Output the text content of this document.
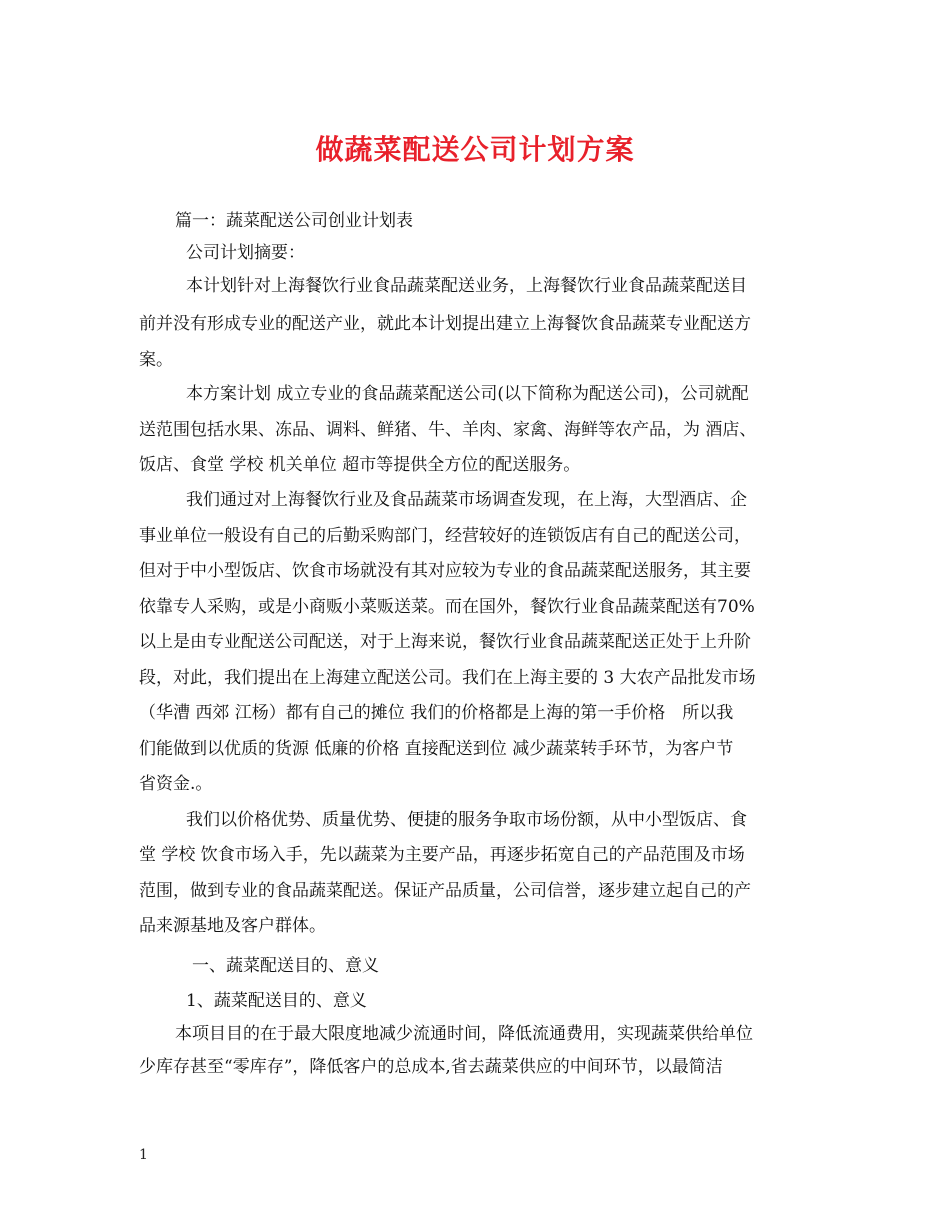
做蔬菜配送公司计划方案
篇一：蔬菜配送公司创业计划表
公司计划摘要：
本计划针对上海餐饮行业食品蔬菜配送业务，上海餐饮行业食品蔬菜配送目
前并没有形成专业的配送产业，就此本计划提出建立上海餐饮食品蔬菜专业配送方
案。
本方案计划 成立专业的食品蔬菜配送公司(以下简称为配送公司)，公司就配
送范围包括水果、冻品、调料、鲜猪、牛、羊肉、家禽、海鲜等农产品，为 酒店、
饭店、食堂 学校 机关单位 超市等提供全方位的配送服务。
我们通过对上海餐饮行业及食品蔬菜市场调查发现，在上海，大型酒店、企
事业单位一般设有自己的后勤采购部门，经营较好的连锁饭店有自己的配送公司，
但对于中小型饭店、饮食市场就没有其对应较为专业的食品蔬菜配送服务，其主要
依靠专人采购，或是小商贩小菜贩送菜。而在国外，餐饮行业食品蔬菜配送有70%
以上是由专业配送公司配送，对于上海来说，餐饮行业食品蔬菜配送正处于上升阶
段，对此，我们提出在上海建立配送公司。我们在上海主要的 3 大农产品批发市场
（华漕 西郊 江杨）都有自己的摊位 我们的价格都是上海的第一手价格　所以我
们能做到以优质的货源 低廉的价格 直接配送到位 减少蔬菜转手环节，为客户节
省资金.。
我们以价格优势、质量优势、便捷的服务争取市场份额，从中小型饭店、食
堂 学校 饮食市场入手，先以蔬菜为主要产品，再逐步拓宽自己的产品范围及市场
范围，做到专业的食品蔬菜配送。保证产品质量，公司信誉，逐步建立起自己的产
品来源基地及客户群体。
一、蔬菜配送目的、意义
1、蔬菜配送目的、意义
本项目目的在于最大限度地减少流通时间，降低流通费用，实现蔬菜供给单位
少库存甚至“零库存”，降低客户的总成本,省去蔬菜供应的中间环节，以最简洁
1
